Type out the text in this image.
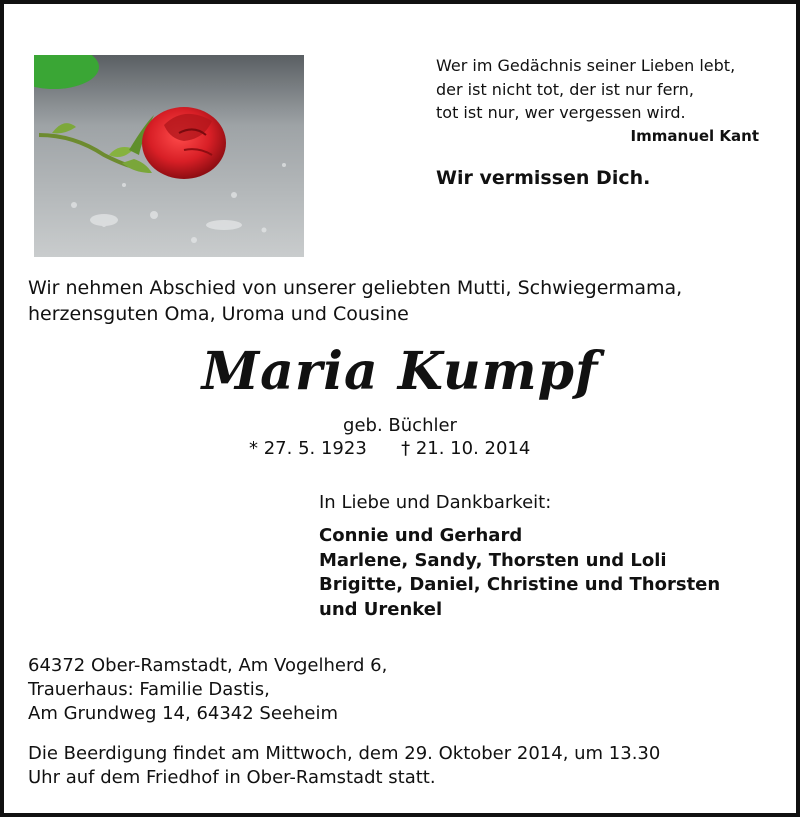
Wer im Gedächnis seiner Lieben lebt,
der ist nicht tot, der ist nur fern,
tot ist nur, wer vergessen wird.
Immanuel Kant
Wir vermissen Dich.
Wir nehmen Abschied von unserer geliebten Mutti, Schwiegermama,
herzensguten Oma, Uroma und Cousine
Maria Kumpf
geb. Büchler
* 27. 5. 1923      † 21. 10. 2014
In Liebe und Dankbarkeit:
Connie und Gerhard
Marlene, Sandy, Thorsten und Loli
Brigitte, Daniel, Christine und Thorsten
und Urenkel
64372 Ober-Ramstadt, Am Vogelherd 6,
Trauerhaus: Familie Dastis,
Am Grundweg 14, 64342 Seeheim
Die Beerdigung findet am Mittwoch, dem 29. Oktober 2014, um 13.30
Uhr auf dem Friedhof in Ober-Ramstadt statt.
